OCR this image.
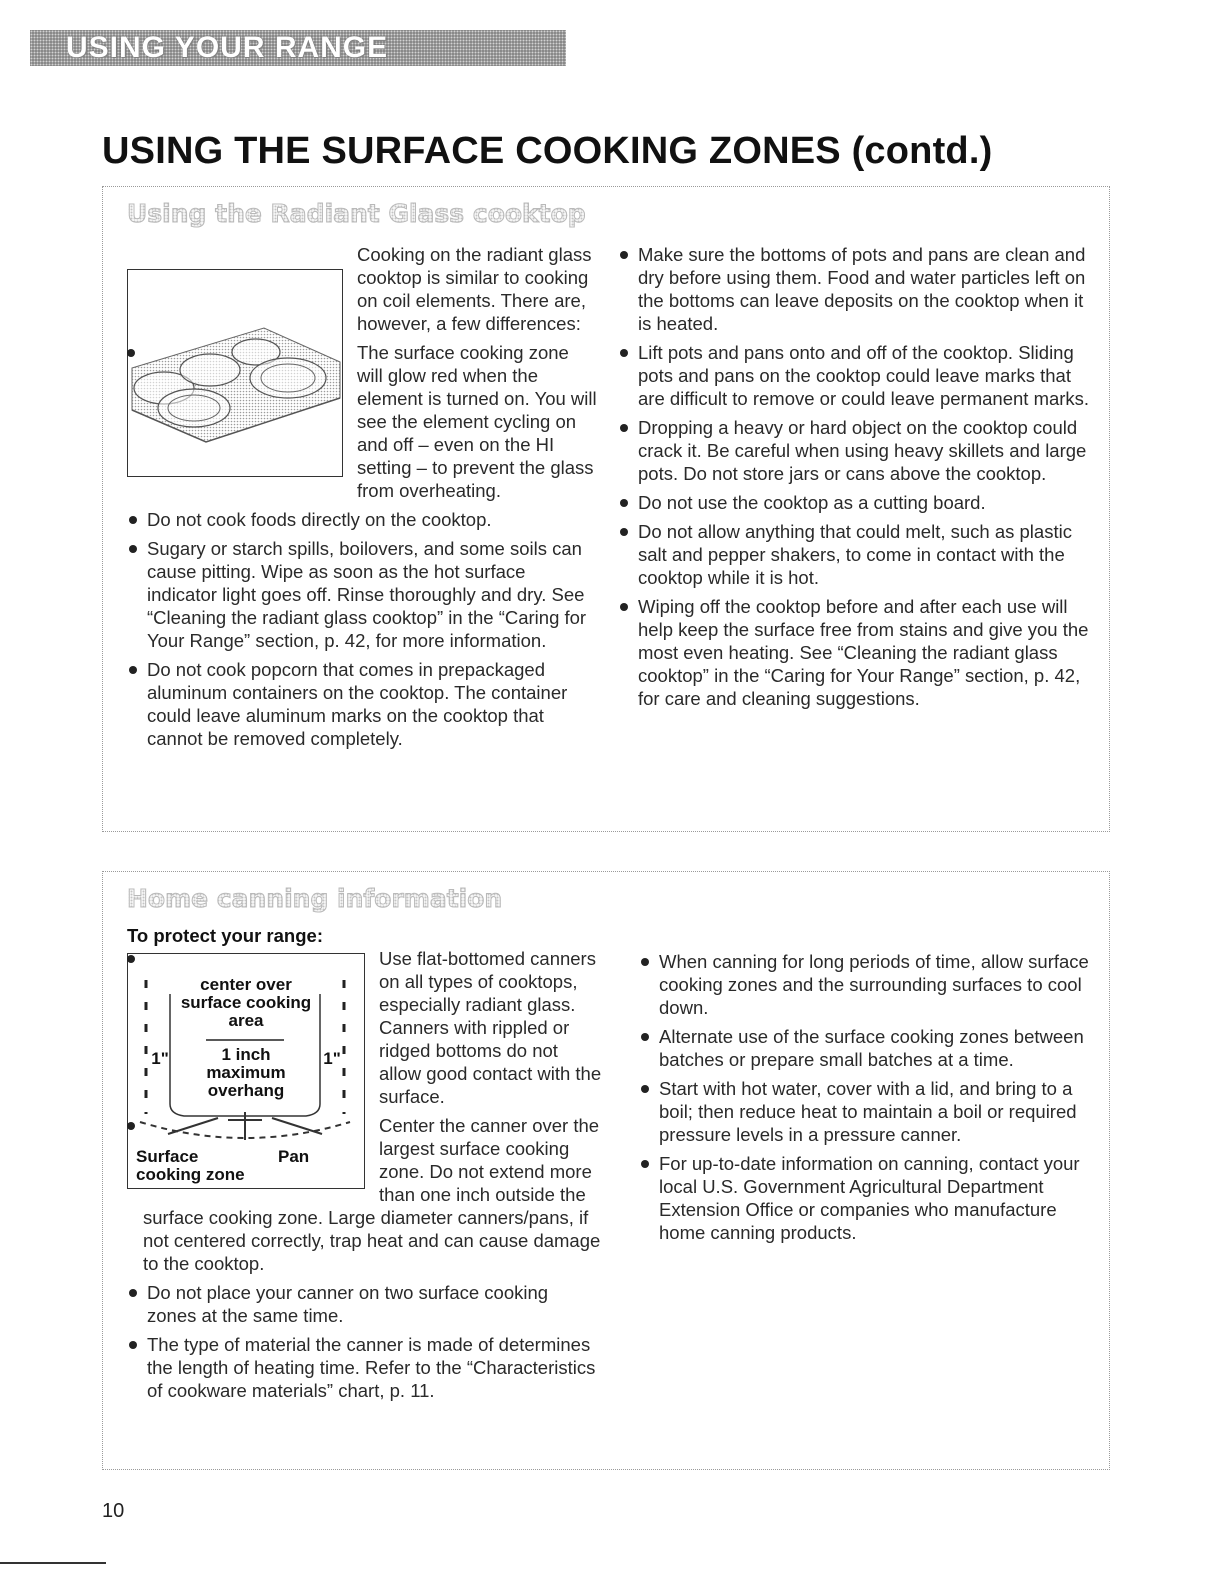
USING YOUR RANGE
USING THE SURFACE COOKING ZONES (contd.)
Using the Radiant Glass cooktop

Cooking on the radiant glass cooktop is similar to cooking on coil elements. There are, however, a few differences:

The surface cooking zone will glow red when the element is turned on. You will see the element cycling on and off – even on the HI setting – to prevent the glass from overheating.

Do not cook foods directly on the cooktop.
Sugary or starch spills, boilovers, and some soils can cause pitting. Wipe as soon as the hot surface indicator light goes off. Rinse thoroughly and dry. See “Cleaning the radiant glass cooktop” in the “Caring for Your Range” section, p. 42, for more information.
Do not cook popcorn that comes in prepackaged aluminum containers on the cooktop. The container could leave aluminum marks on the cooktop that cannot be removed completely.
Make sure the bottoms of pots and pans are clean and dry before using them. Food and water particles left on the bottoms can leave deposits on the cooktop when it is heated.
Lift pots and pans onto and off of the cooktop. Sliding pots and pans on the cooktop could leave marks that are difficult to remove or could leave permanent marks.
Dropping a heavy or hard object on the cooktop could crack it. Be careful when using heavy skillets and large pots. Do not store jars or cans above the cooktop.
Do not use the cooktop as a cutting board.
Do not allow anything that could melt, such as plastic salt and pepper shakers, to come in contact with the cooktop while it is hot.
Wiping off the cooktop before and after each use will help keep the surface free from stains and give you the most even heating. See “Cleaning the radiant glass cooktop” in the “Caring for Your Range” section, p. 42, for care and cleaning suggestions.
Home canning information

To protect your range:

center over surface cooking area
1 inch maximum overhang
1"	1"
Surface cooking zone
Pan

Use flat-bottomed canners on all types of cooktops, especially radiant glass. Canners with rippled or ridged bottoms do not allow good contact with the surface.

Center the canner over the largest surface cooking zone. Do not extend more than one inch outside the surface cooking zone. Large diameter canners/pans, if not centered correctly, trap heat and can cause damage to the cooktop.

Do not place your canner on two surface cooking zones at the same time.
The type of material the canner is made of determines the length of heating time. Refer to the “Characteristics of cookware materials” chart, p. 11.
When canning for long periods of time, allow surface cooking zones and the surrounding surfaces to cool down.
Alternate use of the surface cooking zones between batches or prepare small batches at a time.
Start with hot water, cover with a lid, and bring to a boil; then reduce heat to maintain a boil or required pressure levels in a pressure canner.
For up-to-date information on canning, contact your local U.S. Government Agricultural Department Extension Office or companies who manufacture home canning products.
10
